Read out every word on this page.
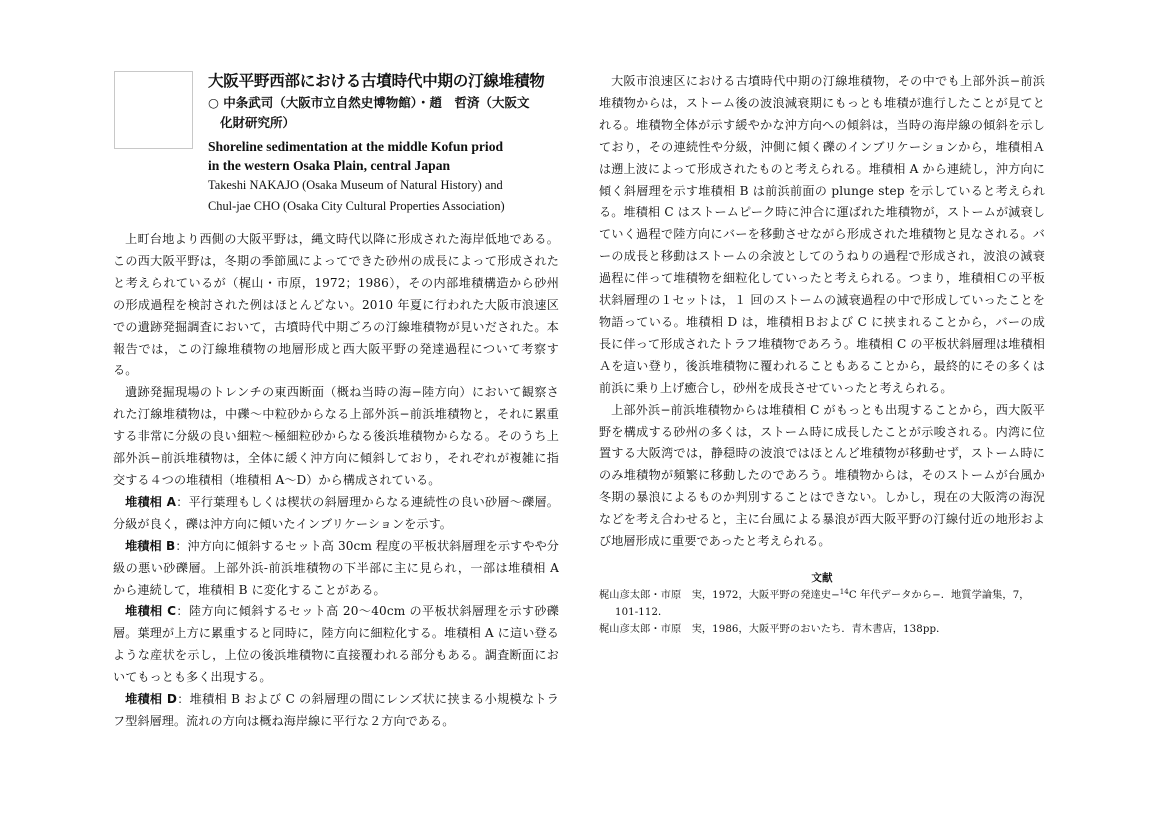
大阪平野西部における古墳時代中期の汀線堆積物

○ 中条武司（大阪市立自然史博物館）・趙　哲済（大阪文
化財研究所）

Shoreline sedimentation at the middle Kofun priod
in the western Osaka Plain, central Japan
Takeshi NAKAJO (Osaka Museum of Natural History) and
Chul-jae CHO (Osaka City Cultural Properties Association)

上町台地より西側の大阪平野は，縄文時代以降に形成された海岸低地である。この西大阪平野は，冬期の季節風によってできた砂州の成長によって形成されたと考えられているが（梶山・市原，1972；1986），その内部堆積構造から砂州の形成過程を検討された例はほとんどない。2010 年夏に行われた大阪市浪速区での遺跡発掘調査において，古墳時代中期ごろの汀線堆積物が見いだされた。本報告では，この汀線堆積物の地層形成と西大阪平野の発達過程について考察する。

遺跡発掘現場のトレンチの東西断面（概ね当時の海−陸方向）において観察された汀線堆積物は，中礫〜中粒砂からなる上部外浜−前浜堆積物と，それに累重する非常に分級の良い細粒〜極細粒砂からなる後浜堆積物からなる。そのうち上部外浜−前浜堆積物は，全体に緩く沖方向に傾斜しており，それぞれが複雑に指交する４つの堆積相（堆積相 A〜D）から構成されている。

堆積相 A：平行葉理もしくは楔状の斜層理からなる連続性の良い砂層〜礫層。分級が良く，礫は沖方向に傾いたインブリケーションを示す。

堆積相 B：沖方向に傾斜するセット高 30cm 程度の平板状斜層理を示すやや分級の悪い砂礫層。上部外浜-前浜堆積物の下半部に主に見られ，一部は堆積相 A から連続して，堆積相 B に変化することがある。

堆積相 C：陸方向に傾斜するセット高 20〜40cm の平板状斜層理を示す砂礫層。葉理が上方に累重すると同時に，陸方向に細粒化する。堆積相 A に這い登るような産状を示し，上位の後浜堆積物に直接覆われる部分もある。調査断面においてもっとも多く出現する。

堆積相 D：堆積相 B および C の斜層理の間にレンズ状に挟まる小規模なトラフ型斜層理。流れの方向は概ね海岸線に平行な２方向である。

大阪市浪速区における古墳時代中期の汀線堆積物，その中でも上部外浜−前浜堆積物からは，ストーム後の波浪減衰期にもっとも堆積が進行したことが見てとれる。堆積物全体が示す緩やかな沖方向への傾斜は，当時の海岸線の傾斜を示しており，その連続性や分級，沖側に傾く礫のインブリケーションから，堆積相Ａは遡上波によって形成されたものと考えられる。堆積相 A から連続し，沖方向に傾く斜層理を示す堆積相 B は前浜前面の plunge step を示していると考えられる。堆積相 C はストームピーク時に沖合に運ばれた堆積物が，ストームが減衰していく過程で陸方向にバーを移動させながら形成された堆積物と見なされる。バーの成長と移動はストームの余波としてのうねりの過程で形成され，波浪の減衰過程に伴って堆積物を細粒化していったと考えられる。つまり，堆積相Ｃの平板状斜層理の１セットは，１ 回のストームの減衰過程の中で形成していったことを物語っている。堆積相 D は，堆積相Ｂおよび C に挟まれることから，バーの成長に伴って形成されたトラフ堆積物であろう。堆積相 C の平板状斜層理は堆積相Ａを這い登り，後浜堆積物に覆われることもあることから，最終的にその多くは前浜に乗り上げ癒合し，砂州を成長させていったと考えられる。

上部外浜−前浜堆積物からは堆積相 C がもっとも出現することから，西大阪平野を構成する砂州の多くは，ストーム時に成長したことが示唆される。内湾に位置する大阪湾では，静穏時の波浪ではほとんど堆積物が移動せず，ストーム時にのみ堆積物が頻繁に移動したのであろう。堆積物からは，そのストームが台風か冬期の暴浪によるものか判別することはできない。しかし，現在の大阪湾の海況などを考え合わせると，主に台風による暴浪が西大阪平野の汀線付近の地形および地層形成に重要であったと考えられる。

文献

梶山彦太郎・市原　実，1972，大阪平野の発達史−$^{14}$C 年代データから−．地質学論集，7，101-112．

梶山彦太郎・市原　実，1986，大阪平野のおいたち．青木書店，138pp．
